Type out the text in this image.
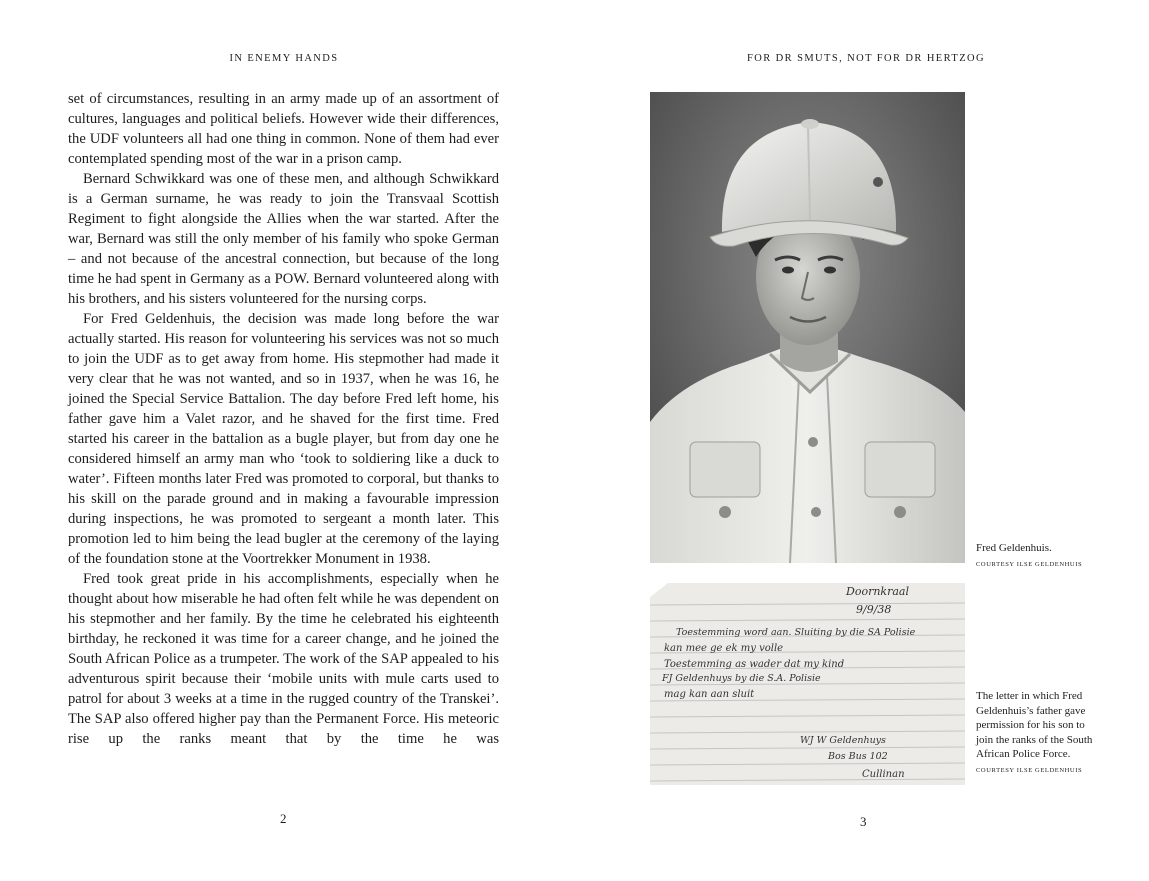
IN ENEMY HANDS	FOR DR SMUTS, NOT FOR DR HERTZOG

set of circumstances, resulting in an army made up of an assortment of cultures, languages and political beliefs. However wide their differences, the UDF volunteers all had one thing in common. None of them had ever contemplated spending most of the war in a prison camp.

Bernard Schwikkard was one of these men, and although Schwikkard is a German surname, he was ready to join the Transvaal Scottish Regiment to fight alongside the Allies when the war started. After the war, Bernard was still the only member of his family who spoke German – and not because of the ancestral connection, but because of the long time he had spent in Germany as a POW. Bernard volunteered along with his brothers, and his sisters volunteered for the nursing corps.

For Fred Geldenhuis, the decision was made long before the war actually started. His reason for volunteering his services was not so much to join the UDF as to get away from home. His stepmother had made it very clear that he was not wanted, and so in 1937, when he was 16, he joined the Special Service Battalion. The day before Fred left home, his father gave him a Valet razor, and he shaved for the first time. Fred started his career in the battalion as a bugle player, but from day one he considered himself an army man who ‘took to soldiering like a duck to water’. Fifteen months later Fred was promoted to corporal, but thanks to his skill on the parade ground and in making a favourable impression during inspections, he was promoted to sergeant a month later. This promotion led to him being the lead bugler at the ceremony of the laying of the foundation stone at the Voortrekker Monument in 1938.

Fred took great pride in his accomplishments, especially when he thought about how miserable he had often felt while he was dependent on his stepmother and her family. By the time he celebrated his eighteenth birthday, he reckoned it was time for a career change, and he joined the South African Police as a trumpeter. The work of the SAP appealed to his adventurous spirit because their ‘mobile units with mule carts used to patrol for about 3 weeks at a time in the rugged country of the Transkei’. The SAP also offered higher pay than the Permanent Force. His meteoric rise up the ranks meant that by the time he was

2	3
Doornkraal
9/9/38
Toestemming word aan. Sluiting by die SA Polisie
kan mee ge ek my volle
Toestemming as wader dat my kind
FJ Geldenhuys by die S.A. Polisie
mag kan aan sluit
WJ W Geldenhuys
Bos Bus 102
Cullinan
Fred Geldenhuis.
COURTESY ILSE GELDENHUIS
The letter in which Fred Geldenhuis’s father gave permission for his son to join the ranks of the South African Police Force.
COURTESY ILSE GELDENHUIS
